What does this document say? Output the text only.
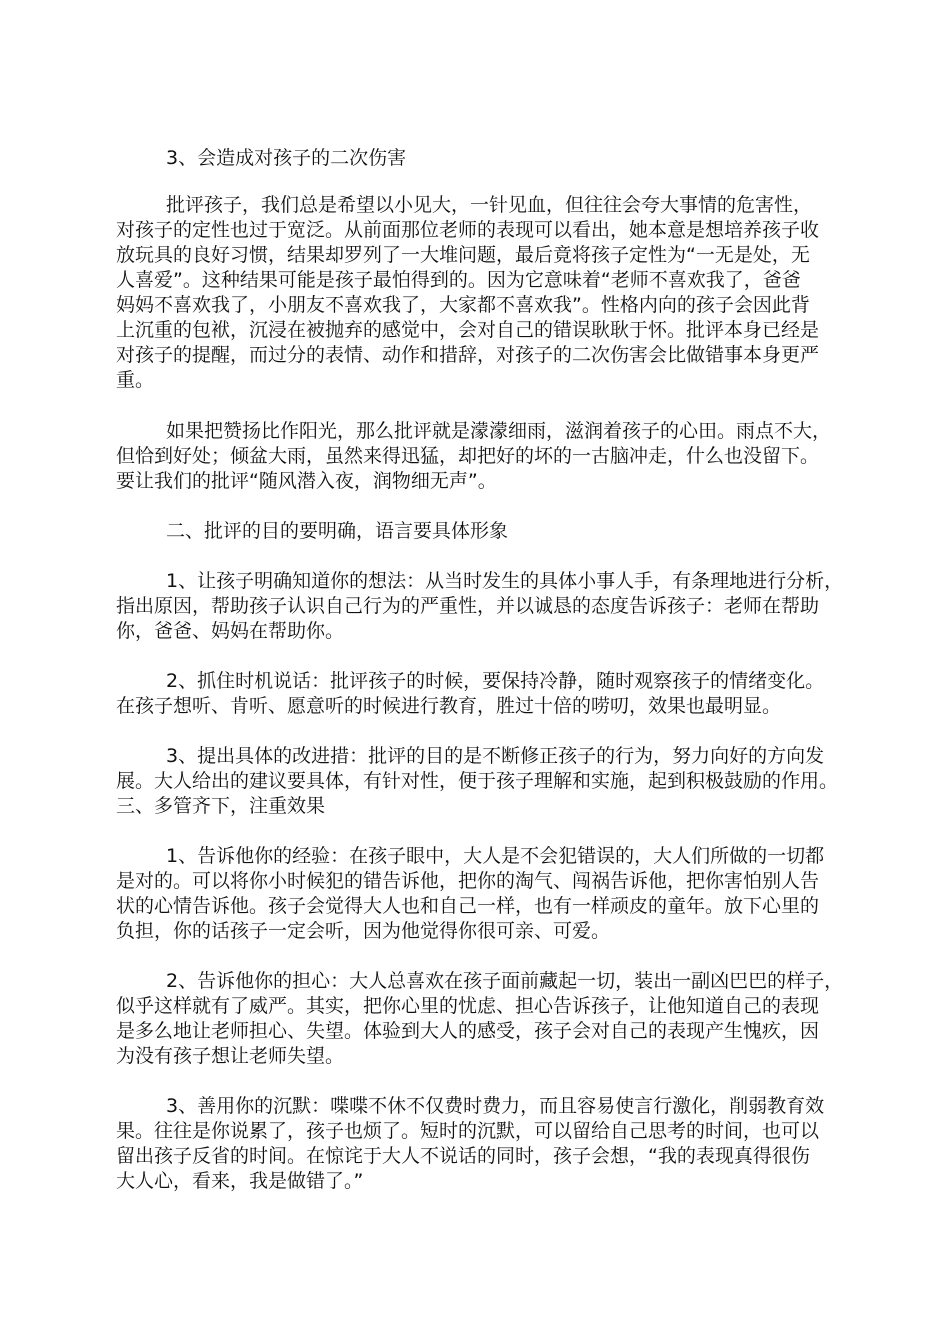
3、会造成对孩子的二次伤害
批评孩子，我们总是希望以小见大，一针见血，但往往会夸大事情的危害性，
对孩子的定性也过于宽泛。从前面那位老师的表现可以看出，她本意是想培养孩子收
放玩具的良好习惯，结果却罗列了一大堆问题，最后竟将孩子定性为“一无是处，无
人喜爱”。这种结果可能是孩子最怕得到的。因为它意味着“老师不喜欢我了，爸爸
妈妈不喜欢我了，小朋友不喜欢我了，大家都不喜欢我”。性格内向的孩子会因此背
上沉重的包袱，沉浸在被抛弃的感觉中，会对自己的错误耿耿于怀。批评本身已经是
对孩子的提醒，而过分的表情、动作和措辞，对孩子的二次伤害会比做错事本身更严
重。
如果把赞扬比作阳光，那么批评就是濛濛细雨，滋润着孩子的心田。雨点不大，
但恰到好处；倾盆大雨，虽然来得迅猛，却把好的坏的一古脑冲走，什么也没留下。
要让我们的批评“随风潜入夜，润物细无声”。
二、批评的目的要明确，语言要具体形象
1、让孩子明确知道你的想法：从当时发生的具体小事人手，有条理地进行分析，
指出原因，帮助孩子认识自己行为的严重性，并以诚恳的态度告诉孩子：老师在帮助
你，爸爸、妈妈在帮助你。
2、抓住时机说话：批评孩子的时候，要保持冷静，随时观察孩子的情绪变化。
在孩子想听、肯听、愿意听的时候进行教育，胜过十倍的唠叨，效果也最明显。
3、提出具体的改进措：批评的目的是不断修正孩子的行为，努力向好的方向发
展。大人给出的建议要具体，有针对性，便于孩子理解和实施，起到积极鼓励的作用。
三、多管齐下，注重效果
1、告诉他你的经验：在孩子眼中，大人是不会犯错误的，大人们所做的一切都
是对的。可以将你小时候犯的错告诉他，把你的淘气、闯祸告诉他，把你害怕别人告
状的心情告诉他。孩子会觉得大人也和自己一样，也有一样顽皮的童年。放下心里的
负担，你的话孩子一定会听，因为他觉得你很可亲、可爱。
2、告诉他你的担心：大人总喜欢在孩子面前藏起一切，装出一副凶巴巴的样子，
似乎这样就有了威严。其实，把你心里的忧虑、担心告诉孩子，让他知道自己的表现
是多么地让老师担心、失望。体验到大人的感受，孩子会对自己的表现产生愧疚，因
为没有孩子想让老师失望。
3、善用你的沉默：喋喋不休不仅费时费力，而且容易使言行激化，削弱教育效
果。往往是你说累了，孩子也烦了。短时的沉默，可以留给自己思考的时间，也可以
留出孩子反省的时间。在惊诧于大人不说话的同时，孩子会想，“我的表现真得很伤
大人心，看来，我是做错了。”
